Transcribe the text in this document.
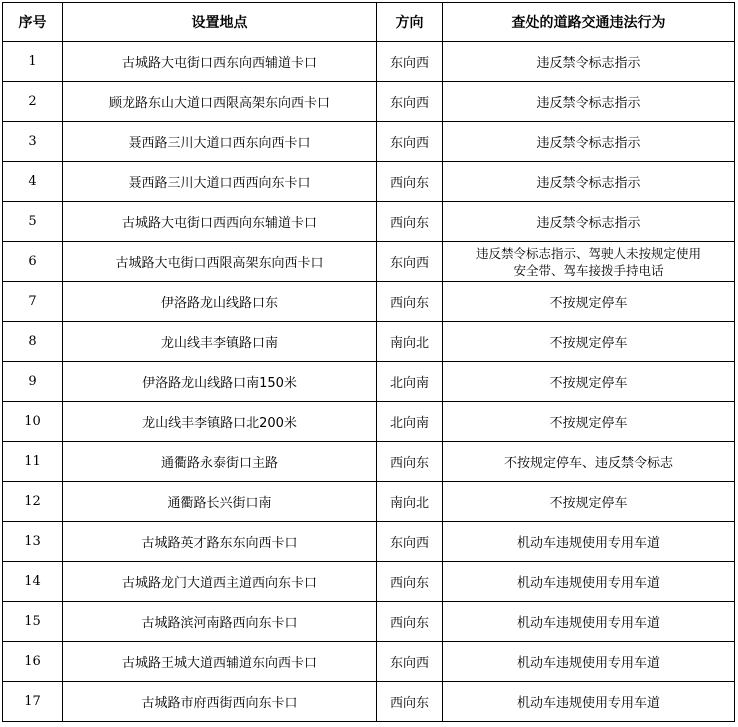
序号	设置地点	方向	查处的道路交通违法行为
1	古城路大屯街口西东向西辅道卡口	东向西	违反禁令标志指示
2	顾龙路东山大道口西限高架东向西卡口	东向西	违反禁令标志指示
3	聂西路三川大道口西东向西卡口	东向西	违反禁令标志指示
4	聂西路三川大道口西西向东卡口	西向东	违反禁令标志指示
5	古城路大屯街口西西向东辅道卡口	西向东	违反禁令标志指示
6	古城路大屯街口西限高架东向西卡口	东向西	违反禁令标志指示、驾驶人未按规定使用
安全带、驾车接拨手持电话

7	伊洛路龙山线路口东	西向东	不按规定停车
8	龙山线丰李镇路口南	南向北	不按规定停车
9	伊洛路龙山线路口南150米	北向南	不按规定停车
10	龙山线丰李镇路口北200米	北向南	不按规定停车
11	通衢路永泰街口主路	西向东	不按规定停车、违反禁令标志
12	通衢路长兴街口南	南向北	不按规定停车
13	古城路英才路东东向西卡口	东向西	机动车违规使用专用车道
14	古城路龙门大道西主道西向东卡口	西向东	机动车违规使用专用车道
15	古城路滨河南路西向东卡口	西向东	机动车违规使用专用车道
16	古城路王城大道西辅道东向西卡口	东向西	机动车违规使用专用车道
17	古城路市府西街西向东卡口	西向东	机动车违规使用专用车道
